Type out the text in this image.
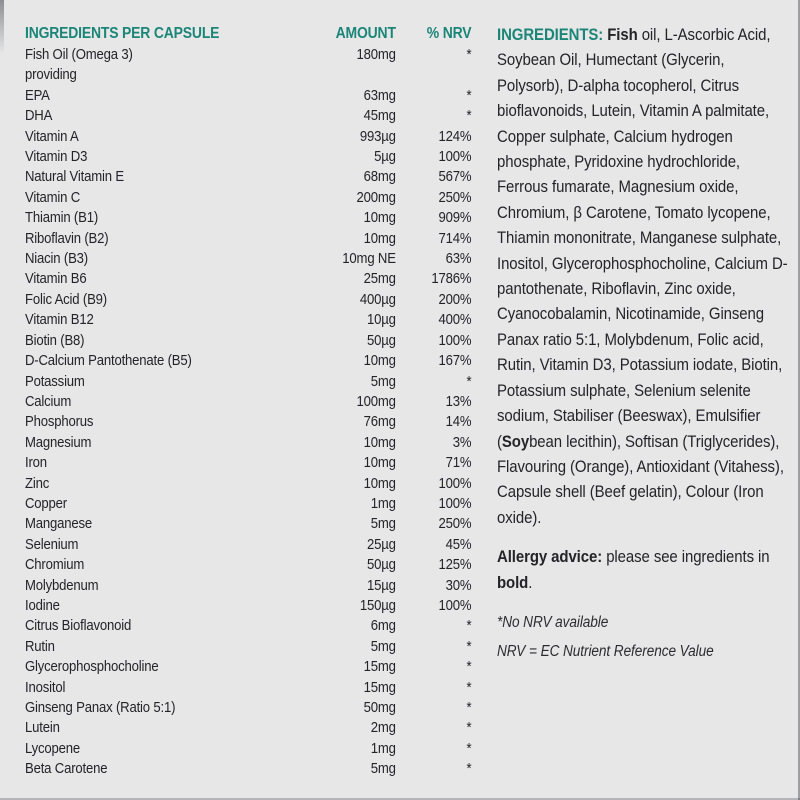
INGREDIENTS PER CAPSULE	AMOUNT	% NRV
Fish Oil (Omega 3)	180mg	*
providing
EPA	63mg	*
DHA	45mg	*
Vitamin A	993µg	124%
Vitamin D3	5µg	100%
Natural Vitamin E	68mg	567%
Vitamin C	200mg	250%
Thiamin (B1)	10mg	909%
Riboflavin (B2)	10mg	714%
Niacin (B3)	10mg NE	63%
Vitamin B6	25mg	1786%
Folic Acid (B9)	400µg	200%
Vitamin B12	10µg	400%
Biotin (B8)	50µg	100%
D-Calcium Pantothenate (B5)	10mg	167%
Potassium	5mg	*
Calcium	100mg	13%
Phosphorus	76mg	14%
Magnesium	10mg	3%
Iron	10mg	71%
Zinc	10mg	100%
Copper	1mg	100%
Manganese	5mg	250%
Selenium	25µg	45%
Chromium	50µg	125%
Molybdenum	15µg	30%
Iodine	150µg	100%
Citrus Bioflavonoid	6mg	*
Rutin	5mg	*
Glycerophosphocholine	15mg	*
Inositol	15mg	*
Ginseng Panax (Ratio 5:1)	50mg	*
Lutein	2mg	*
Lycopene	1mg	*
Beta Carotene	5mg	*

INGREDIENTS: Fish oil, L-Ascorbic Acid, Soybean Oil, Humectant (Glycerin, Polysorb), D-alpha tocopherol, Citrus bioflavonoids, Lutein, Vitamin A palmitate, Copper sulphate, Calcium hydrogen phosphate, Pyridoxine hydrochloride, Ferrous fumarate, Magnesium oxide, Chromium, β Carotene, Tomato lycopene, Thiamin mononitrate, Manganese sulphate, Inositol, Glycerophosphocholine, Calcium D- pantothenate, Riboflavin, Zinc oxide, Cyanocobalamin, Nicotinamide, Ginseng Panax ratio 5:1, Molybdenum, Folic acid, Rutin, Vitamin D3, Potassium iodate, Biotin, Potassium sulphate, Selenium selenite sodium, Stabiliser (Beeswax), Emulsifier (Soybean lecithin), Softisan (Triglycerides), Flavouring (Orange), Antioxidant (Vitahess), Capsule shell (Beef gelatin), Colour (Iron oxide).

Allergy advice: please see ingredients in bold.

*No NRV available

NRV = EC Nutrient Reference Value
